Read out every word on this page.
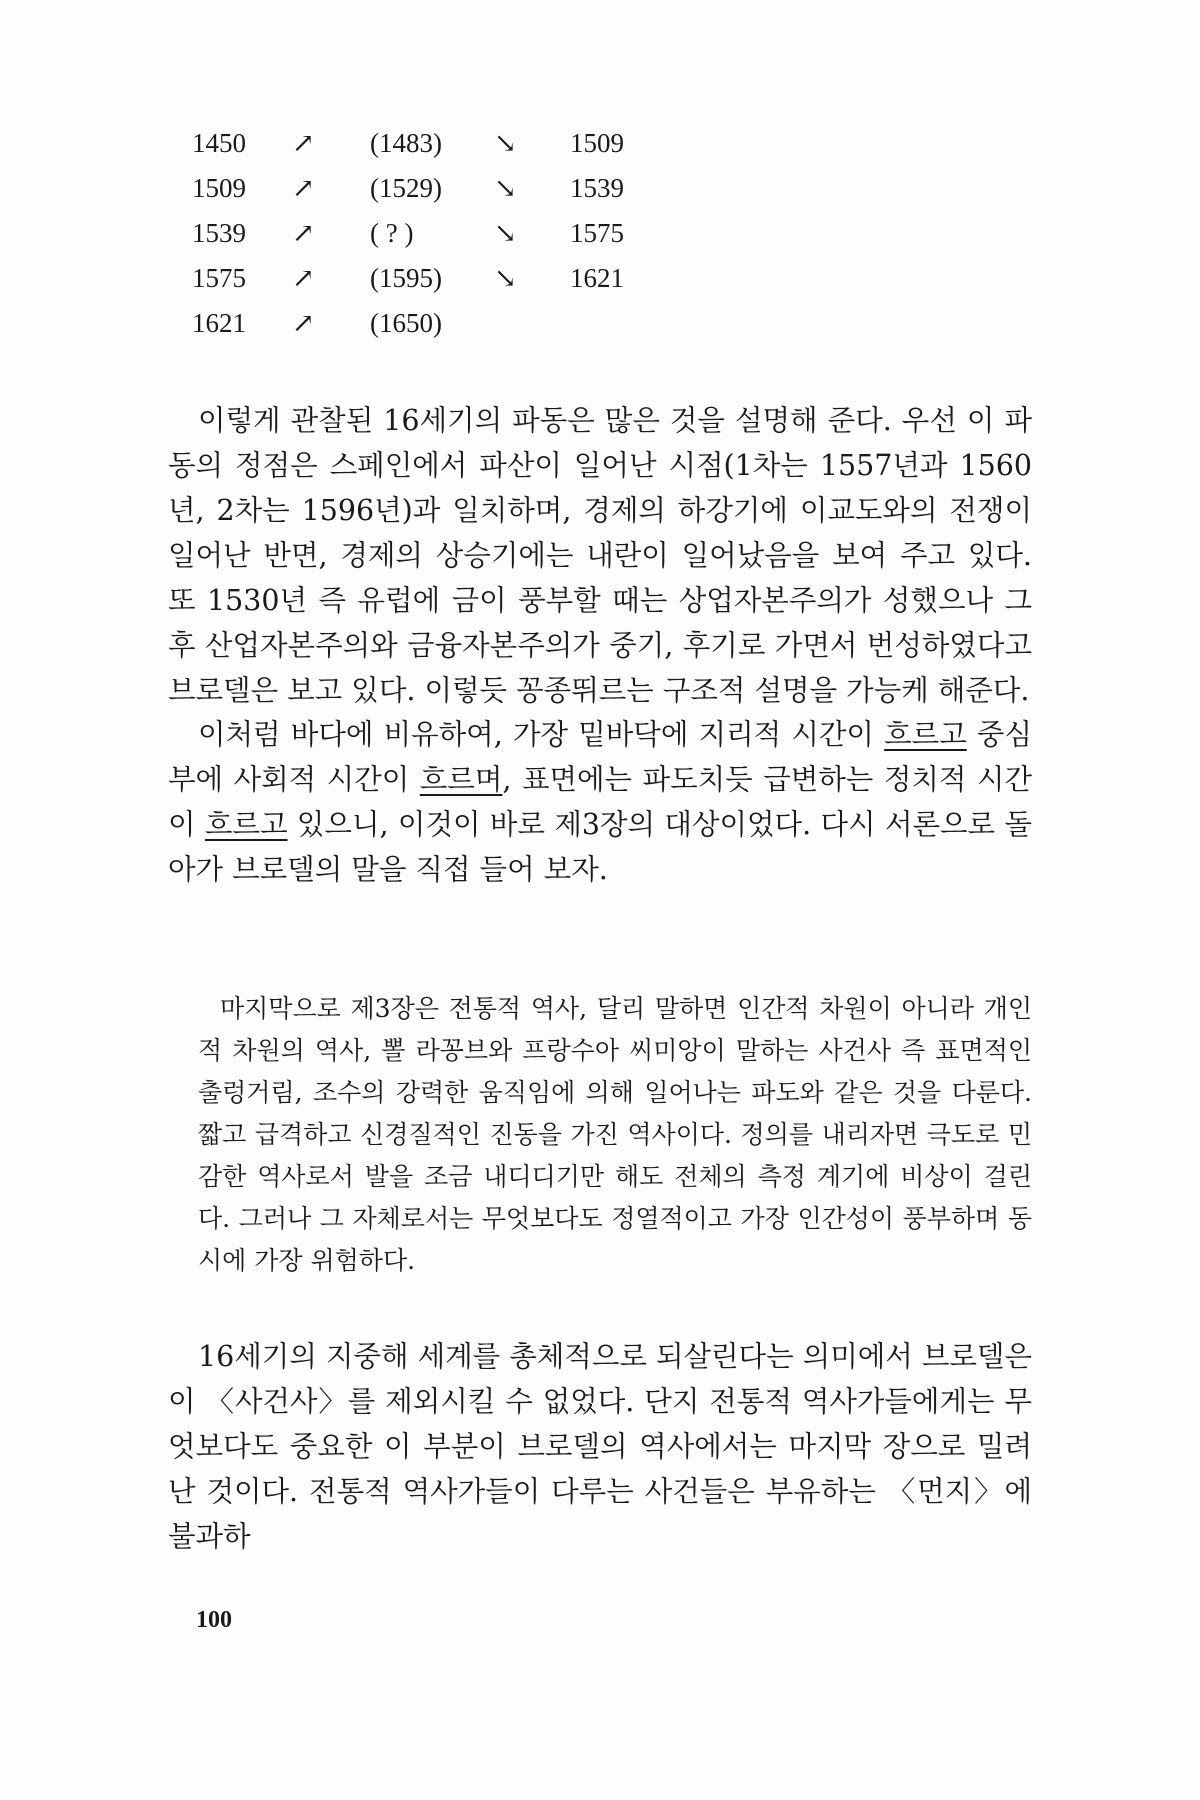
1450 ↗ (1483) ↘ 1509
1509 ↗ (1529) ↘ 1539
1539 ↗ ( ? )	↘ 1575
1575 ↗ (1595) ↘ 1621
1621 ↗ (1650)

이렇게 관찰된 16세기의 파동은 많은 것을 설명해 준다. 우선 이 파동의 정점은 스페인에서 파산이 일어난 시점(1차는 1557년과 1560년, 2차는 1596년)과 일치하며, 경제의 하강기에 이교도와의 전쟁이 일어난 반면, 경제의 상승기에는 내란이 일어났음을 보여 주고 있다. 또 1530년 즉 유럽에 금이 풍부할 때는 상업자본주의가 성했으나 그 후 산업자본주의와 금융자본주의가 중기, 후기로 가면서 번성하였다고 브로델은 보고 있다. 이렇듯 꽁종뛰르는 구조적 설명을 가능케 해준다.

이처럼 바다에 비유하여, 가장 밑바닥에 지리적 시간이 흐르고 중심부에 사회적 시간이 흐르며, 표면에는 파도치듯 급변하는 정치적 시간이 흐르고 있으니, 이것이 바로 제3장의 대상이었다. 다시 서론으로 돌아가 브로델의 말을 직접 들어 보자.

마지막으로 제3장은 전통적 역사, 달리 말하면 인간적 차원이 아니라 개인적 차원의 역사, 뽈 라꽁브와 프랑수아 씨미앙이 말하는 사건사 즉 표면적인 출렁거림, 조수의 강력한 움직임에 의해 일어나는 파도와 같은 것을 다룬다. 짧고 급격하고 신경질적인 진동을 가진 역사이다. 정의를 내리자면 극도로 민감한 역사로서 발을 조금 내디디기만 해도 전체의 측정 계기에 비상이 걸린다. 그러나 그 자체로서는 무엇보다도 정열적이고 가장 인간성이 풍부하며 동시에 가장 위험하다.

16세기의 지중해 세계를 총체적으로 되살린다는 의미에서 브로델은 이 〈사건사〉를 제외시킬 수 없었다. 단지 전통적 역사가들에게는 무엇보다도 중요한 이 부분이 브로델의 역사에서는 마지막 장으로 밀려난 것이다. 전통적 역사가들이 다루는 사건들은 부유하는 〈먼지〉에 불과하

100
